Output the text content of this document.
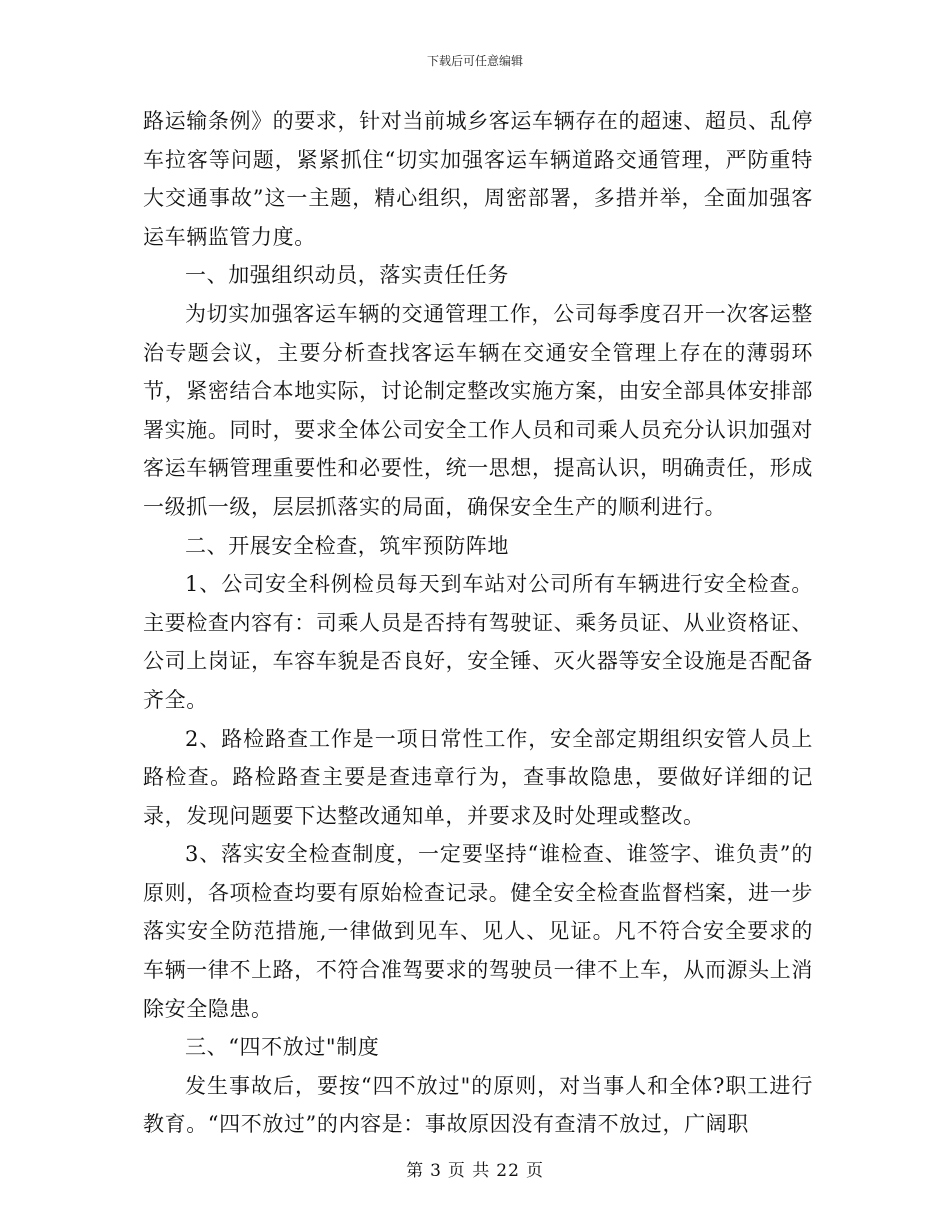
下载后可任意编辑

路运输条例》的要求，针对当前城乡客运车辆存在的超速、超员、乱停车拉客等问题，紧紧抓住“切实加强客运车辆道路交通管理，严防重特大交通事故”这一主题，精心组织，周密部署，多措并举，全面加强客运车辆监管力度。

一、加强组织动员，落实责任任务

为切实加强客运车辆的交通管理工作，公司每季度召开一次客运整治专题会议，主要分析查找客运车辆在交通安全管理上存在的薄弱环节，紧密结合本地实际，讨论制定整改实施方案，由安全部具体安排部署实施。同时，要求全体公司安全工作人员和司乘人员充分认识加强对客运车辆管理重要性和必要性，统一思想，提高认识，明确责任，形成一级抓一级，层层抓落实的局面，确保安全生产的顺利进行。

二、开展安全检查，筑牢预防阵地

1、公司安全科例检员每天到车站对公司所有车辆进行安全检查。主要检查内容有：司乘人员是否持有驾驶证、乘务员证、从业资格证、公司上岗证，车容车貌是否良好，安全锤、灭火器等安全设施是否配备齐全。

2、路检路查工作是一项日常性工作，安全部定期组织安管人员上路检查。路检路查主要是查违章行为，查事故隐患，要做好详细的记录，发现问题要下达整改通知单，并要求及时处理或整改。

3、落实安全检查制度，一定要坚持“谁检查、谁签字、谁负责”的原则，各项检查均要有原始检查记录。健全安全检查监督档案，进一步落实安全防范措施,一律做到见车、见人、见证。凡不符合安全要求的车辆一律不上路，不符合准驾要求的驾驶员一律不上车，从而源头上消除安全隐患。

三、“四不放过"制度

发生事故后，要按“四不放过"的原则，对当事人和全体?职工进行教育。“四不放过”的内容是：事故原因没有查清不放过，广阔职

第 3 页 共 22 页
